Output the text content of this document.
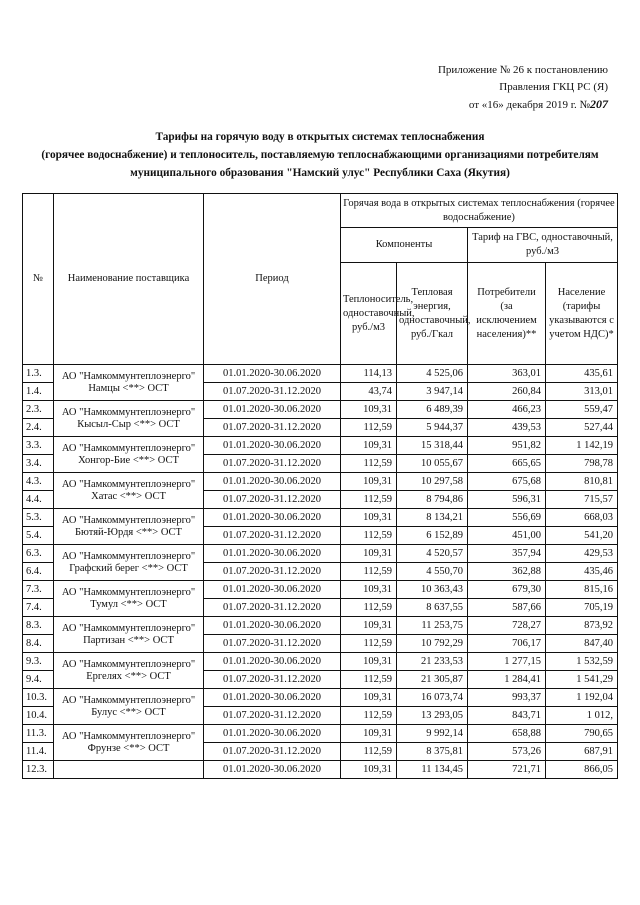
Приложение № 26 к постановлению
Правления ГКЦ РС (Я)
от «16» декабря 2019 г. №207
Тарифы на горячую воду в открытых системах теплоснабжения
(горячее водоснабжение) и теплоноситель, поставляемую теплоснабжающими организациями потребителям
муниципального образования "Намский улус" Республики Саха (Якутия)
№	Наименование поставщика	Период	Горячая вода в открытых системах теплоснабжения (горячее водоснабжение)			
			Компоненты		Тариф на ГВС, одноставочный, руб./м3	
			Теплоноситель, одноставочный, руб./м3	Тепловая энергия, одноставочный, руб./Гкал	Потребители (за исключением населения)**	Население (тарифы указываются с учетом НДС)*
1.3.	АО "Намкоммунтеплоэнерго" Намцы <**> ОСТ	01.01.2020-30.06.2020	114,13	4 525,06	363,01	435,61
1.4.		01.07.2020-31.12.2020	43,74	3 947,14	260,84	313,01
2.3.	АО "Намкоммунтеплоэнерго" Кысыл-Сыр <**> ОСТ	01.01.2020-30.06.2020	109,31	6 489,39	466,23	559,47
2.4.		01.07.2020-31.12.2020	112,59	5 944,37	439,53	527,44
3.3.	АО "Намкоммунтеплоэнерго" Хонгор-Бие <**> ОСТ	01.01.2020-30.06.2020	109,31	15 318,44	951,82	1 142,19
3.4.		01.07.2020-31.12.2020	112,59	10 055,67	665,65	798,78
4.3.	АО "Намкоммунтеплоэнерго" Хатас <**> ОСТ	01.01.2020-30.06.2020	109,31	10 297,58	675,68	810,81
4.4.		01.07.2020-31.12.2020	112,59	8 794,86	596,31	715,57
5.3.	АО "Намкоммунтеплоэнерго" Бютяй-Юрдя <**> ОСТ	01.01.2020-30.06.2020	109,31	8 134,21	556,69	668,03
5.4.		01.07.2020-31.12.2020	112,59	6 152,89	451,00	541,20
6.3.	АО "Намкоммунтеплоэнерго" Графский берег <**> ОСТ	01.01.2020-30.06.2020	109,31	4 520,57	357,94	429,53
6.4.		01.07.2020-31.12.2020	112,59	4 550,70	362,88	435,46
7.3.	АО "Намкоммунтеплоэнерго" Тумул <**> ОСТ	01.01.2020-30.06.2020	109,31	10 363,43	679,30	815,16
7.4.		01.07.2020-31.12.2020	112,59	8 637,55	587,66	705,19
8.3.	АО "Намкоммунтеплоэнерго" Партизан <**> ОСТ	01.01.2020-30.06.2020	109,31	11 253,75	728,27	873,92
8.4.		01.07.2020-31.12.2020	112,59	10 792,29	706,17	847,40
9.3.	АО "Намкоммунтеплоэнерго" Ергелях <**> ОСТ	01.01.2020-30.06.2020	109,31	21 233,53	1 277,15	1 532,59
9.4.		01.07.2020-31.12.2020	112,59	21 305,87	1 284,41	1 541,29
10.3.	АО "Намкоммунтеплоэнерго" Булус <**> ОСТ	01.01.2020-30.06.2020	109,31	16 073,74	993,37	1 192,04
10.4.		01.07.2020-31.12.2020	112,59	13 293,05	843,71	1 012,
11.3.	АО "Намкоммунтеплоэнерго" Фрунзе <**> ОСТ	01.01.2020-30.06.2020	109,31	9 992,14	658,88	790,65
11.4.		01.07.2020-31.12.2020	112,59	8 375,81	573,26	687,91
12.3.		01.01.2020-30.06.2020	109,31	11 134,45	721,71	866,05
